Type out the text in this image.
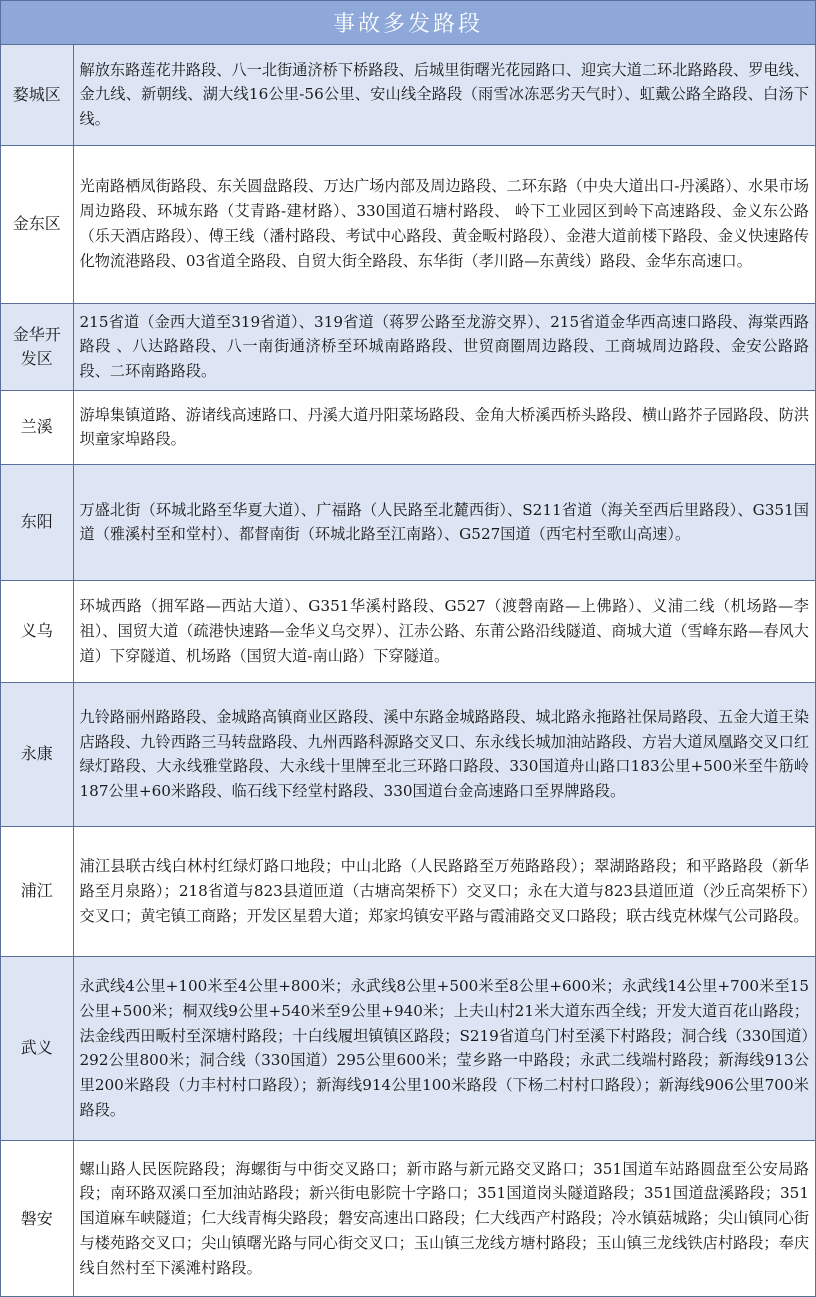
事故多发路段
婺城区	解放东路莲花井路段、八一北街通济桥下桥路段、后城里街曙光花园路口、迎宾大道二环北路路段、罗电线、金九线、新朝线、湖大线16公里-56公里、安山线全路段（雨雪冰冻恶劣天气时）、虹戴公路全路段、白汤下线。
金东区	光南路栖凤街路段、东关圆盘路段、万达广场内部及周边路段、二环东路（中央大道出口-丹溪路）、水果市场周边路段、环城东路（艾青路-建材路）、330国道石塘村路段、 岭下工业园区到岭下高速路段、金义东公路（乐天酒店路段）、傅王线（潘村路段、考试中心路段、黄金畈村路段）、金港大道前楼下路段、金义快速路传化物流港路段、03省道全路段、自贸大街全路段、东华街（孝川路—东黄线）路段、金华东高速口。
金华开发区	215省道（金西大道至319省道）、319省道（蒋罗公路至龙游交界）、215省道金华西高速口路段、海棠西路路段 、八达路路段、八一南街通济桥至环城南路路段、世贸商圈周边路段、工商城周边路段、金安公路路段、二环南路路段。
兰溪	游埠集镇道路、游诸线高速路口、丹溪大道丹阳菜场路段、金角大桥溪西桥头路段、横山路芥子园路段、防洪坝童家埠路段。
东阳	万盛北街（环城北路至华夏大道）、广福路（人民路至北麓西街）、S211省道（海关至西后里路段）、G351国道（雅溪村至和堂村）、都督南街（环城北路至江南路）、G527国道（西宅村至歌山高速）。
义乌	环城西路（拥军路—西站大道）、G351华溪村路段、G527（渡磬南路—上佛路）、义浦二线（机场路—李祖）、国贸大道（疏港快速路—金华义乌交界）、江赤公路、东莆公路沿线隧道、商城大道（雪峰东路—春风大道）下穿隧道、机场路（国贸大道-南山路）下穿隧道。
永康	九铃路丽州路路段、金城路高镇商业区路段、溪中东路金城路路段、城北路永拖路社保局路段、五金大道王染店路段、九铃西路三马转盘路段、九州西路科源路交叉口、东永线长城加油站路段、方岩大道凤凰路交叉口红绿灯路段、大永线雅堂路段、大永线十里牌至北三环路口路段、330国道舟山路口183公里+500米至牛筋岭187公里+60米路段、临石线下经堂村路段、330国道台金高速路口至界牌路段。
浦江	浦江县联古线白林村红绿灯路口地段；中山北路（人民路路至万苑路路段）；翠湖路路段；和平路路段（新华路至月泉路）；218省道与823县道匝道（古塘高架桥下）交叉口；永在大道与823县道匝道（沙丘高架桥下）交叉口；黄宅镇工商路；开发区星碧大道；郑家坞镇安平路与霞浦路交叉口路段；联古线克林煤气公司路段。
武义	永武线4公里+100米至4公里+800米；永武线8公里+500米至8公里+600米；永武线14公里+700米至15公里+500米；桐双线9公里+540米至9公里+940米；上夫山村21米大道东西全线；开发大道百花山路段；法金线西田畈村至深塘村路段；十白线履坦镇镇区路段；S219省道乌门村至溪下村路段；洞合线（330国道）292公里800米；洞合线（330国道）295公里600米；莹乡路一中路段；永武二线端村路段；新海线913公里200米路段（力丰村村口路段）；新海线914公里100米路段（下杨二村村口路段）；新海线906公里700米路段。
磐安	螺山路人民医院路段；海螺街与中街交叉路口；新市路与新元路交叉路口；351国道车站路圆盘至公安局路段；南环路双溪口至加油站路段；新兴街电影院十字路口；351国道岗头隧道路段；351国道盘溪路段；351国道麻车峡隧道；仁大线青梅尖路段；磐安高速出口路段；仁大线西产村路段；冷水镇菇城路；尖山镇同心街与楼苑路交叉口；尖山镇曙光路与同心街交叉口；玉山镇三龙线方塘村路段；玉山镇三龙线铁店村路段；奉庆线自然村至下溪滩村路段。
